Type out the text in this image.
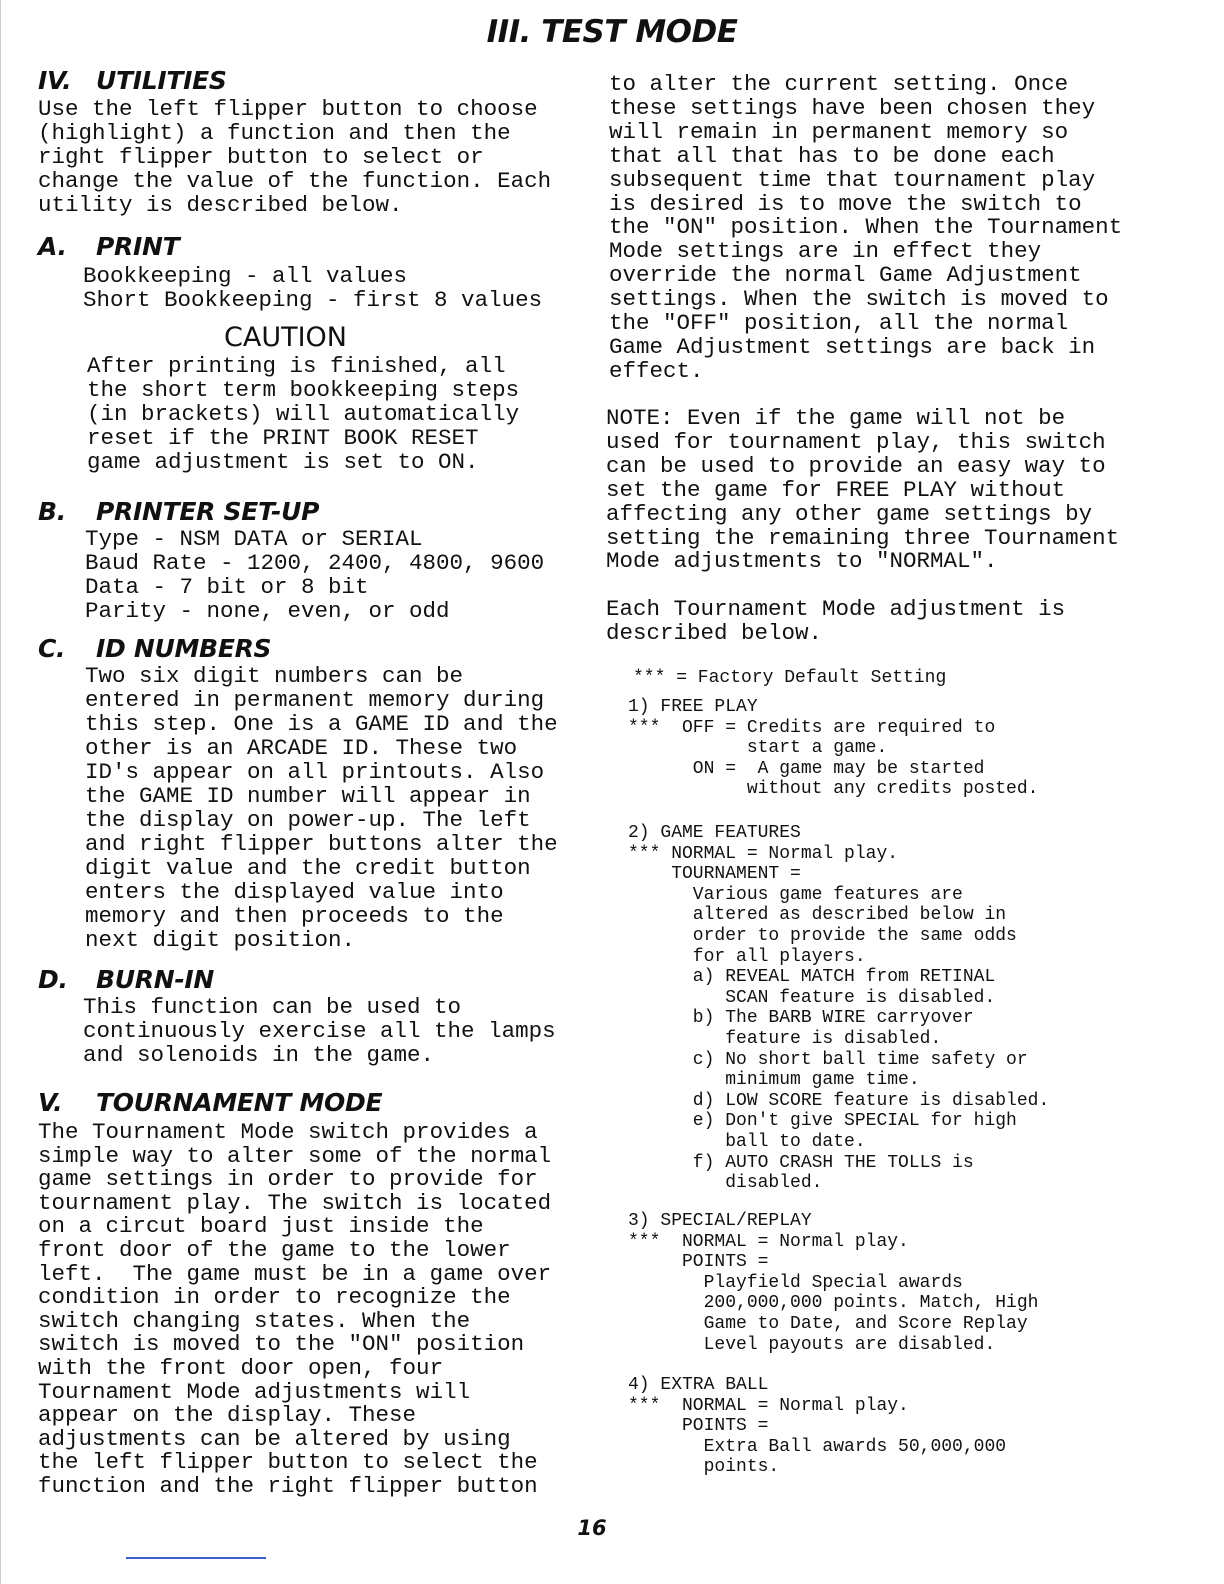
III. TEST MODE
IV. UTILITIES
Use the left flipper button to choose
(highlight) a function and then the
right flipper button to select or
change the value of the function. Each
utility is described below.
A. PRINT
Bookkeeping - all values
Short Bookkeeping - first 8 values
CAUTION
After printing is finished, all
the short term bookkeeping steps
(in brackets) will automatically
reset if the PRINT BOOK RESET
game adjustment is set to ON.
B. PRINTER SET-UP
Type - NSM DATA or SERIAL
Baud Rate - 1200, 2400, 4800, 9600
Data - 7 bit or 8 bit
Parity - none, even, or odd
C. ID NUMBERS
Two six digit numbers can be
entered in permanent memory during
this step. One is a GAME ID and the
other is an ARCADE ID. These two
ID's appear on all printouts. Also
the GAME ID number will appear in
the display on power-up. The left
and right flipper buttons alter the
digit value and the credit button
enters the displayed value into
memory and then proceeds to the
next digit position.
D. BURN-IN
This function can be used to
continuously exercise all the lamps
and solenoids in the game.
V. TOURNAMENT MODE
The Tournament Mode switch provides a
simple way to alter some of the normal
game settings in order to provide for
tournament play. The switch is located
on a circut board just inside the
front door of the game to the lower
left.  The game must be in a game over
condition in order to recognize the
switch changing states. When the
switch is moved to the "ON" position
with the front door open, four
Tournament Mode adjustments will
appear on the display. These
adjustments can be altered by using
the left flipper button to select the
function and the right flipper button
to alter the current setting. Once
these settings have been chosen they
will remain in permanent memory so
that all that has to be done each
subsequent time that tournament play
is desired is to move the switch to
the "ON" position. When the Tournament
Mode settings are in effect they
override the normal Game Adjustment
settings. When the switch is moved to
the "OFF" position, all the normal
Game Adjustment settings are back in
effect.
NOTE: Even if the game will not be
used for tournament play, this switch
can be used to provide an easy way to
set the game for FREE PLAY without
affecting any other game settings by
setting the remaining three Tournament
Mode adjustments to "NORMAL".
Each Tournament Mode adjustment is
described below.
*** = Factory Default Setting
1) FREE PLAY
***  OFF = Credits are required to
start a game.
ON =  A game may be started
without any credits posted.
2) GAME FEATURES
*** NORMAL = Normal play.
TOURNAMENT =
Various game features are
altered as described below in
order to provide the same odds
for all players.
a) REVEAL MATCH from RETINAL
SCAN feature is disabled.
b) The BARB WIRE carryover
feature is disabled.
c) No short ball time safety or
minimum game time.
d) LOW SCORE feature is disabled.
e) Don't give SPECIAL for high
ball to date.
f) AUTO CRASH THE TOLLS is
disabled.
3) SPECIAL/REPLAY
***  NORMAL = Normal play.
POINTS =
Playfield Special awards
200,000,000 points. Match, High
Game to Date, and Score Replay
Level payouts are disabled.
4) EXTRA BALL
***  NORMAL = Normal play.
POINTS =
Extra Ball awards 50,000,000
points.
16
